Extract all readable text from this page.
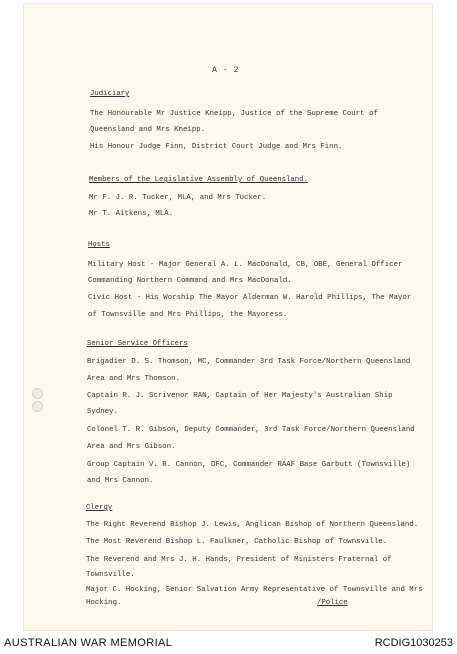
A - 2
Judiciary
The Honourable Mr Justice Kneipp, Justice of the Supreme Court of
Queensland and Mrs Kneipp.
His Honour Judge Finn, District Court Judge and Mrs Finn.
Members of the Legislative Assembly of Queensland.
Mr F. J. R. Tucker, MLA, and Mrs Tucker.
Mr T. Aitkens, MLA.
Hosts
Military Host - Major General A. L. MacDonald, CB, OBE, General Officer
Commanding Northern Command and Mrs MacDonald.
Civic Host - His Worship The Mayor Alderman W. Harold Phillips, The Mayor
of Townsville and Mrs Phillips, the Mayoress.
Senior Service Officers
Brigadier D. S. Thomson, MC, Commander 3rd Task Force/Northern Queensland
Area and Mrs Thomson.
Captain R. J. Scrivenor RAN, Captain of Her Majesty's Australian Ship
Sydney.
Colonel T. R. Gibson, Deputy Commander, 3rd Task Force/Northern Queensland
Area and Mrs Gibson.
Group Captain V. R. Cannon, DFC, Commander RAAF Base Garbutt (Townsville)
and Mrs Cannon.
Clergy
The Right Reverend Bishop J. Lewis, Anglican Bishop of Northern Queensland.
The Most Reverend Bishop L. Faulkner, Catholic Bishop of Townsville.
The Reverend and Mrs J. H. Hands, President of Ministers Fraternal of
Townsville.
Major C. Hocking, Senior Salvation Army Representative of Townsville and Mrs
Hocking.	/Police
AUSTRALIAN WAR MEMORIAL	RCDIG1030253
